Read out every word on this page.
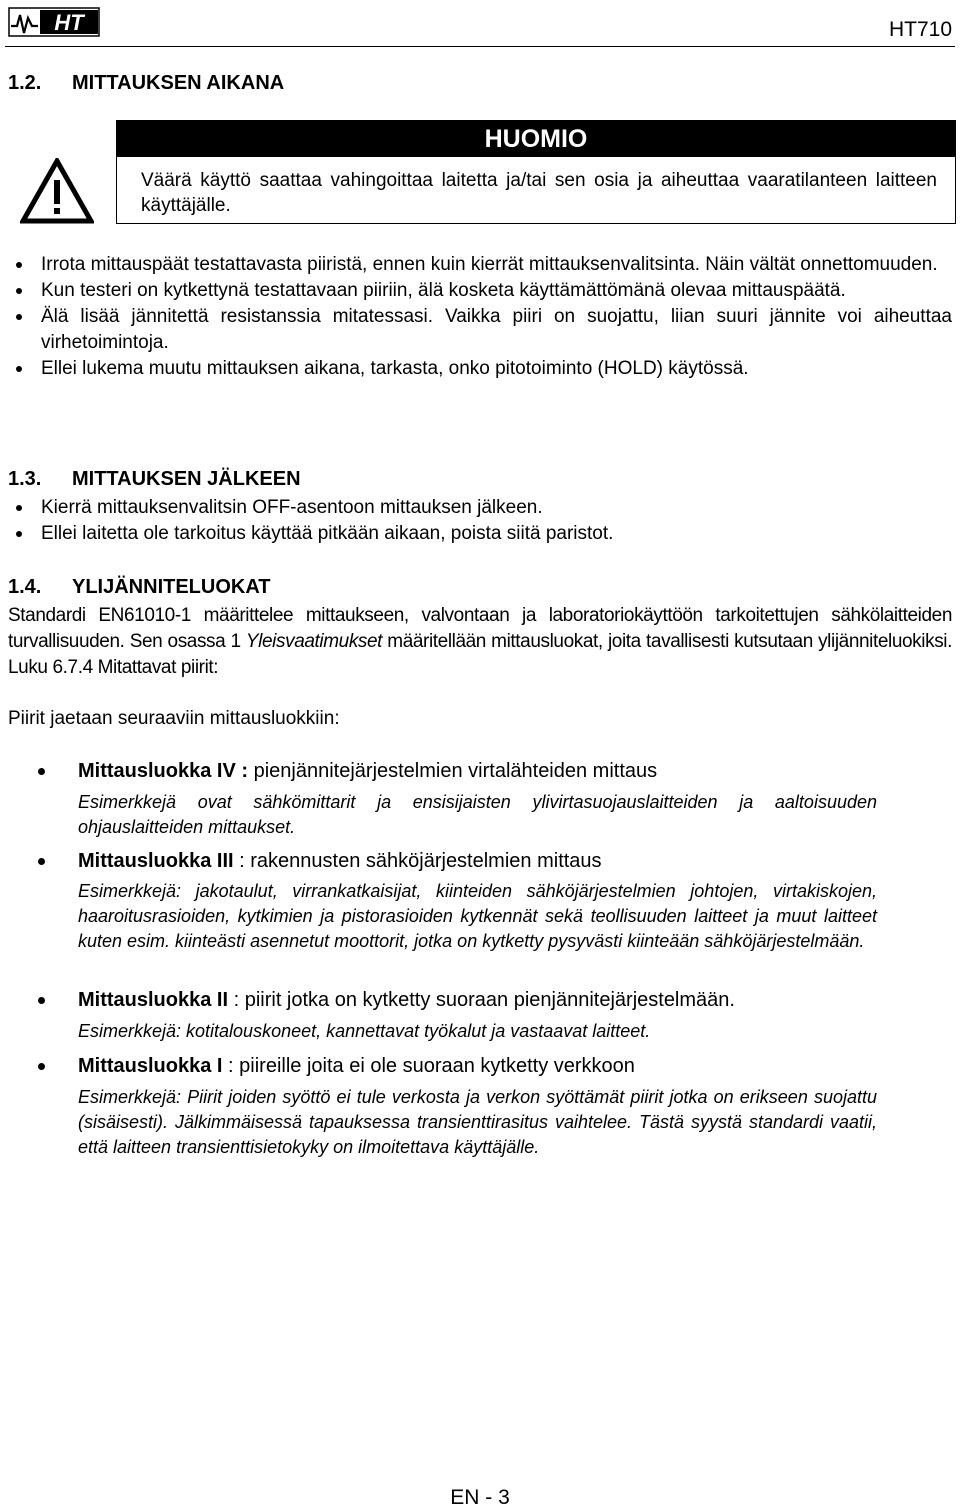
HT	HT710
1.2. MITTAUKSEN AIKANA
HUOMIO
Väärä käyttö saattaa vahingoittaa laitetta ja/tai sen osia ja aiheuttaa vaaratilanteen laitteen käyttäjälle.
Irrota mittauspäät testattavasta piiristä, ennen kuin kierrät mittauksenvalitsinta. Näin vältät onnettomuuden.
Kun testeri on kytkettynä testattavaan piiriin, älä kosketa käyttämättömänä olevaa mittauspäätä.
Älä lisää jännitettä resistanssia mitatessasi. Vaikka piiri on suojattu, liian suuri jännite voi aiheuttaa virhetoimintoja.
Ellei lukema muutu mittauksen aikana, tarkasta, onko pitotoiminto (HOLD) käytössä.
1.3. MITTAUKSEN JÄLKEEN
Kierrä mittauksenvalitsin OFF-asentoon mittauksen jälkeen.
Ellei laitetta ole tarkoitus käyttää pitkään aikaan, poista siitä paristot.
1.4. YLIJÄNNITELUOKAT
Standardi EN61010-1 määrittelee mittaukseen, valvontaan ja laboratoriokäyttöön tarkoitettujen sähkölaitteiden turvallisuuden. Sen osassa 1 Yleisvaatimukset määritellään mittausluokat, joita tavallisesti kutsutaan ylijänniteluokiksi. Luku 6.7.4 Mitattavat piirit:
Piirit jaetaan seuraaviin mittausluokkiin:
Mittausluokka IV : pienjännitejärjestelmien virtalähteiden mittaus
Esimerkkejä ovat sähkömittarit ja ensisijaisten ylivirtasuojauslaitteiden ja aaltoisuuden ohjauslaitteiden mittaukset.
Mittausluokka III : rakennusten sähköjärjestelmien mittaus
Esimerkkejä: jakotaulut, virrankatkaisijat, kiinteiden sähköjärjestelmien johtojen, virtakiskojen, haaroitusrasioiden, kytkimien ja pistorasioiden kytkennät sekä teollisuuden laitteet ja muut laitteet kuten esim. kiinteästi asennetut moottorit, jotka on kytketty pysyvästi kiinteään sähköjärjestelmään.
Mittausluokka II : piirit jotka on kytketty suoraan pienjännitejärjestelmään.
Esimerkkejä: kotitalouskoneet, kannettavat työkalut ja vastaavat laitteet.
Mittausluokka I : piireille joita ei ole suoraan kytketty verkkoon
Esimerkkejä: Piirit joiden syöttö ei tule verkosta ja verkon syöttämät piirit jotka on erikseen suojattu (sisäisesti). Jälkimmäisessä tapauksessa transienttirasitus vaihtelee. Tästä syystä standardi vaatii, että laitteen transienttisietokyky on ilmoitettava käyttäjälle.
EN - 3
